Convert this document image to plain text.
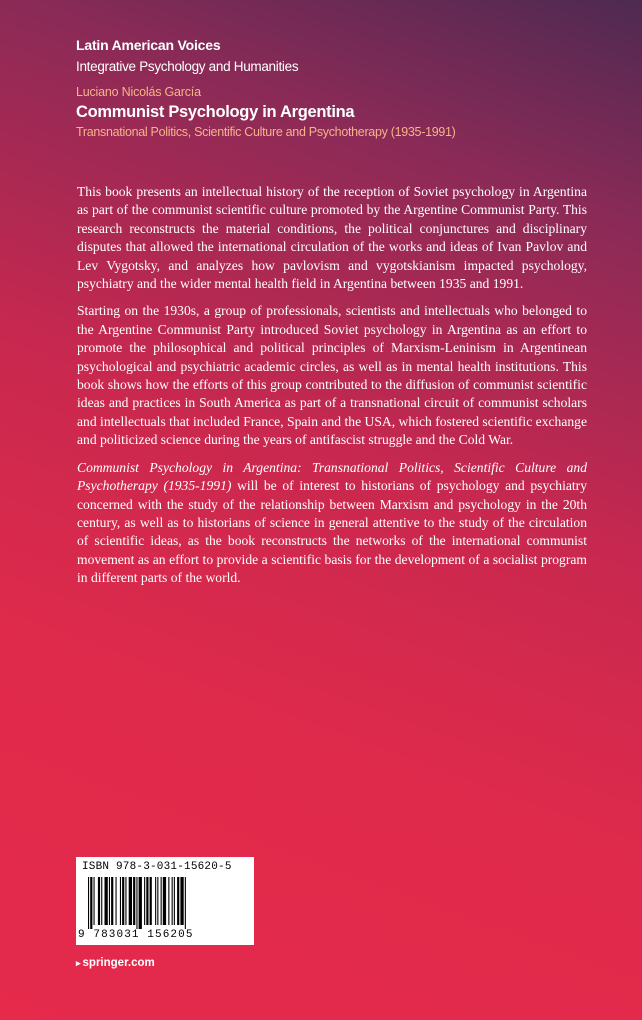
Latin American Voices
Integrative Psychology and Humanities
Luciano Nicolás García
Communist Psychology in Argentina
Transnational Politics, Scientific Culture and Psychotherapy (1935-1991)

This book presents an intellectual history of the reception of Soviet psychology in Argentina as part of the communist scientific culture promoted by the Argentine Communist Party. This research reconstructs the material conditions, the political conjunctures and disciplinary disputes that allowed the international circulation of the works and ideas of Ivan Pavlov and Lev Vygotsky, and analyzes how pavlovism and vygotskianism impacted psychology, psychiatry and the wider mental health field in Argentina between 1935 and 1991.

Starting on the 1930s, a group of professionals, scientists and intellectuals who belonged to the Argentine Communist Party introduced Soviet psychology in Argentina as an effort to promote the philosophical and political principles of Marxism-Leninism in Argentinean psychological and psychiatric academic circles, as well as in mental health institutions. This book shows how the efforts of this group contributed to the diffusion of communist scientific ideas and practices in South America as part of a transnational circuit of communist scholars and intellectuals that included France, Spain and the USA, which fostered scientific exchange and politicized science during the years of antifascist struggle and the Cold War.

Communist Psychology in Argentina: Transnational Politics, Scientific Culture and Psychotherapy (1935-1991) will be of interest to historians of psychology and psychiatry concerned with the study of the relationship between Marxism and psychology in the 20th century, as well as to historians of science in general attentive to the study of the circulation of scientific ideas, as the book reconstructs the networks of the international communist movement as an effort to provide a scientific basis for the development of a socialist program in different parts of the world.

ISBN 978-3-031-15620-5
9 783031 156205
▸ springer.com
